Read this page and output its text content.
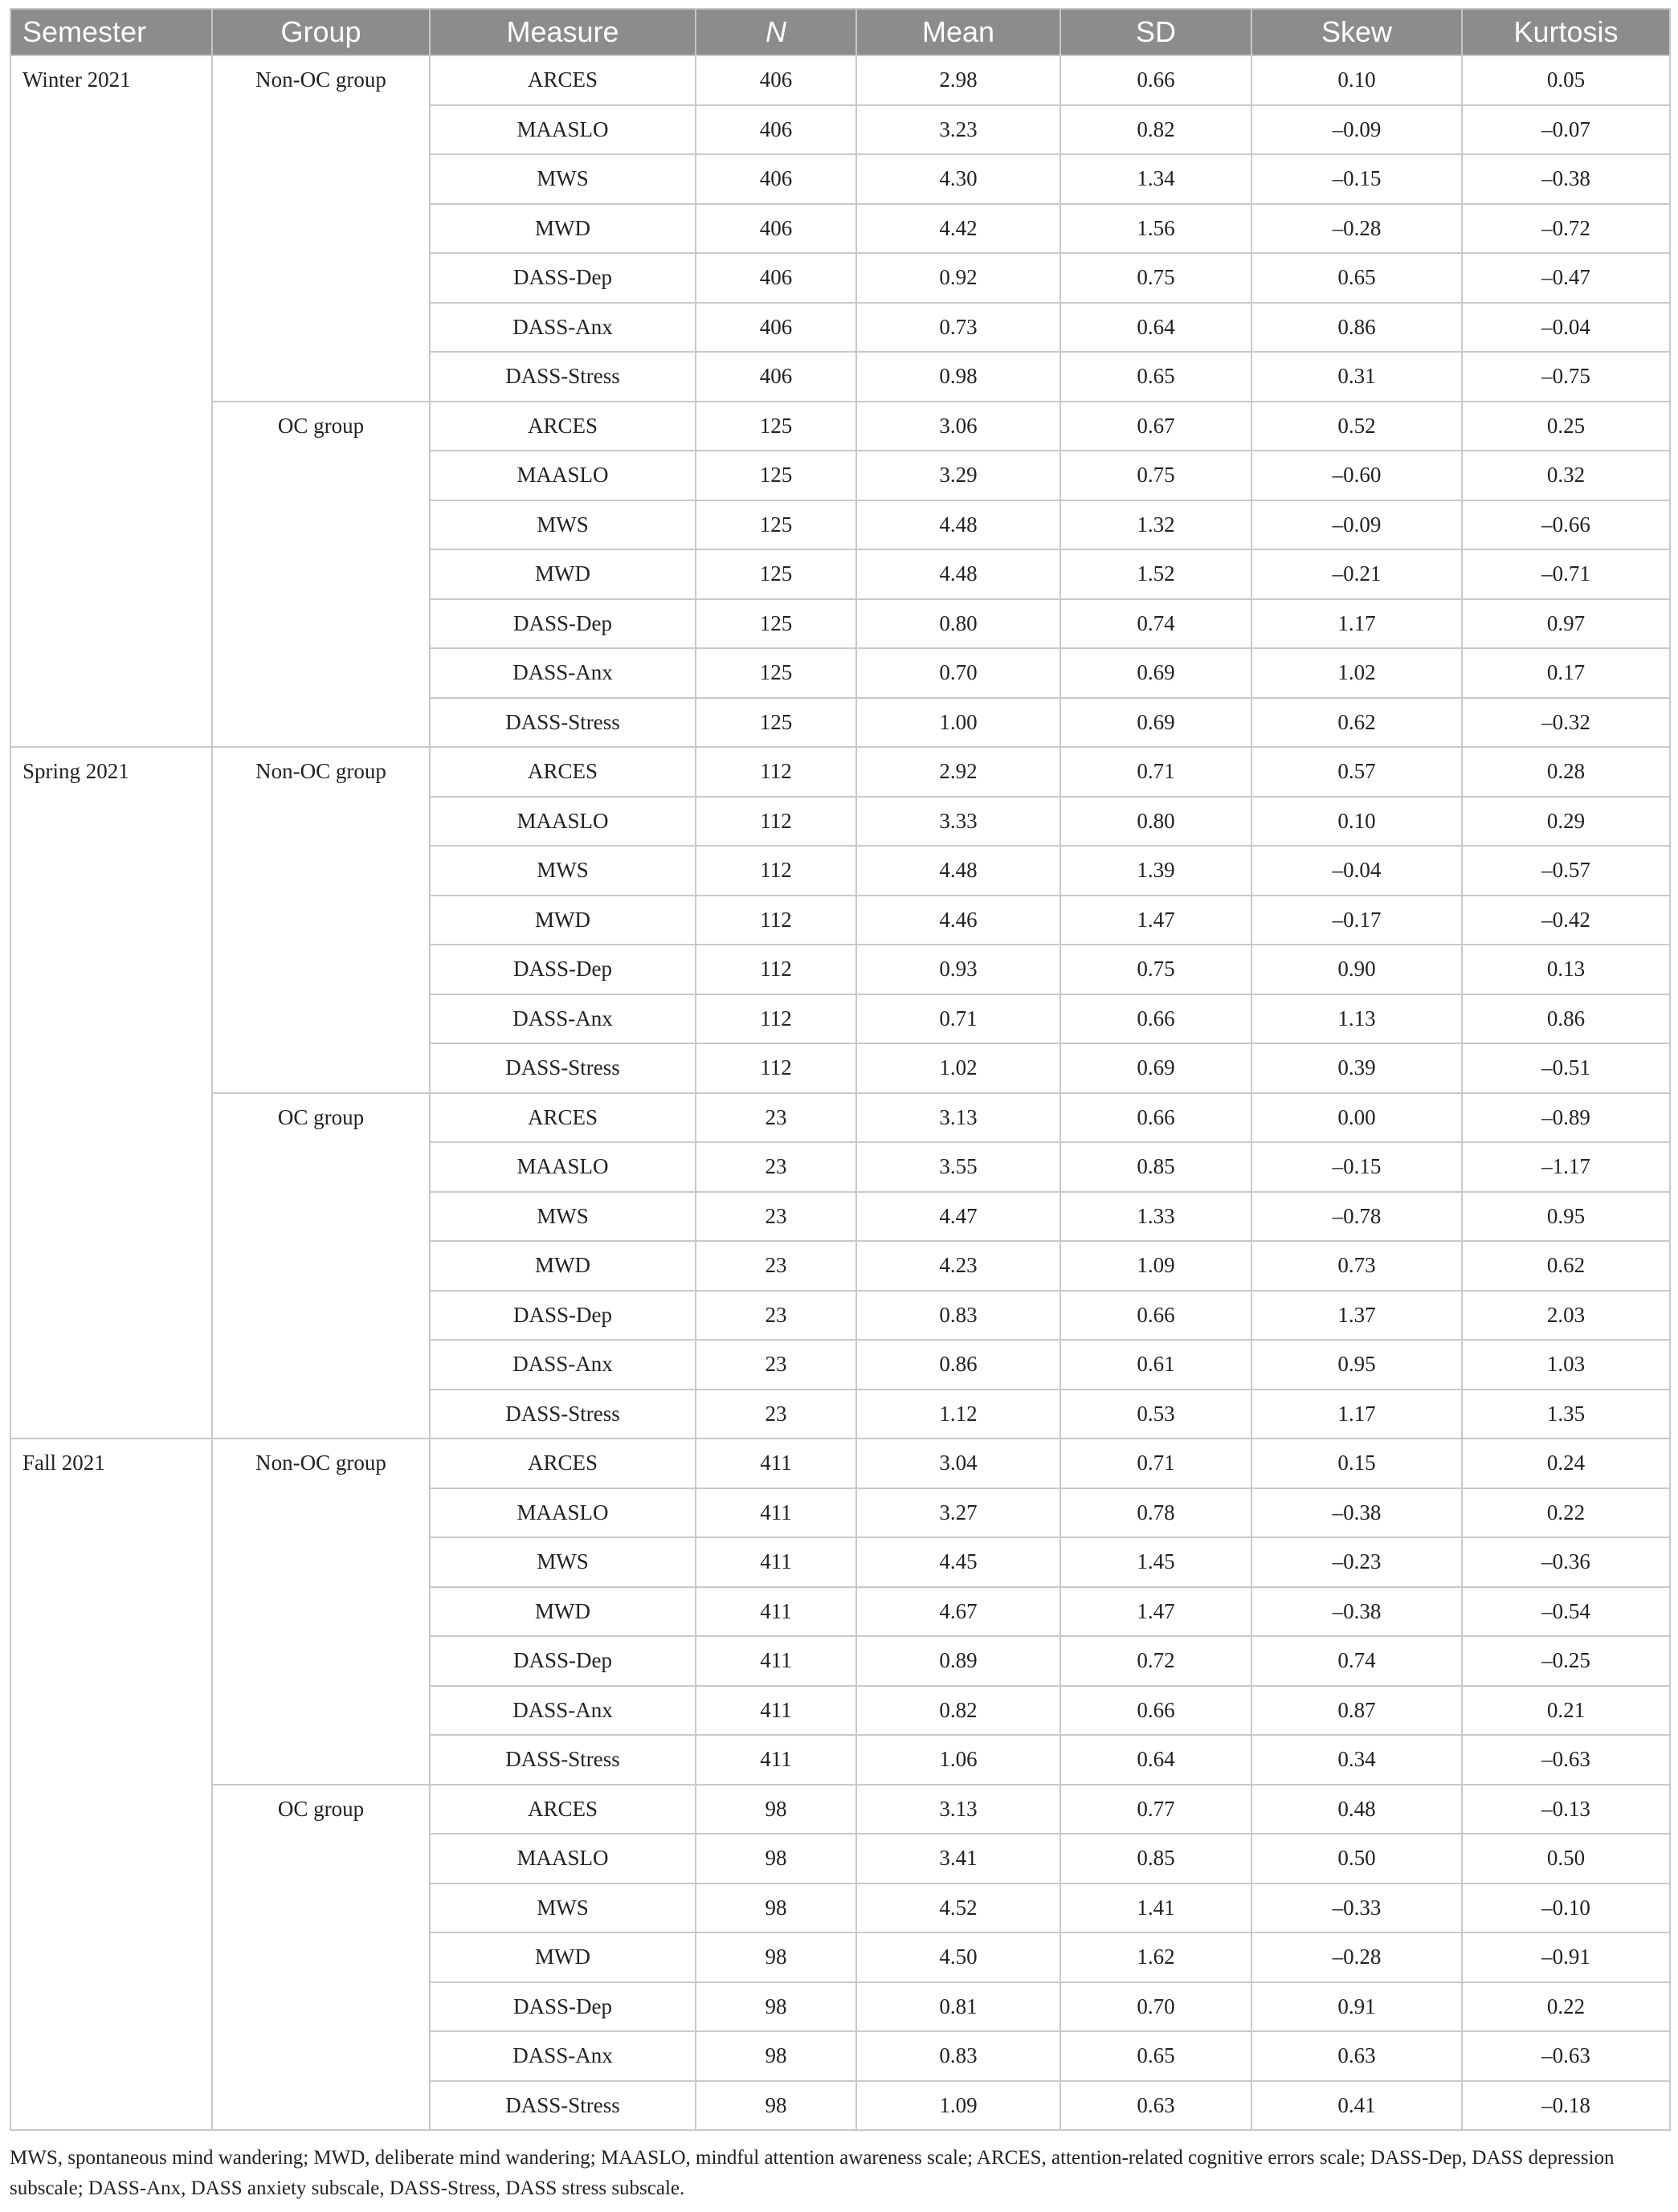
Semester	Group	Measure	N	Mean	SD	Skew	Kurtosis
Winter 2021	Non-OC group	ARCES	406	2.98	0.66	0.10	0.05
		MAASLO	406	3.23	0.82	–0.09	–0.07
		MWS	406	4.30	1.34	–0.15	–0.38
		MWD	406	4.42	1.56	–0.28	–0.72
		DASS-Dep	406	0.92	0.75	0.65	–0.47
		DASS-Anx	406	0.73	0.64	0.86	–0.04
		DASS-Stress	406	0.98	0.65	0.31	–0.75
	OC group	ARCES	125	3.06	0.67	0.52	0.25
		MAASLO	125	3.29	0.75	–0.60	0.32
		MWS	125	4.48	1.32	–0.09	–0.66
		MWD	125	4.48	1.52	–0.21	–0.71
		DASS-Dep	125	0.80	0.74	1.17	0.97
		DASS-Anx	125	0.70	0.69	1.02	0.17
		DASS-Stress	125	1.00	0.69	0.62	–0.32
Spring 2021	Non-OC group	ARCES	112	2.92	0.71	0.57	0.28
		MAASLO	112	3.33	0.80	0.10	0.29
		MWS	112	4.48	1.39	–0.04	–0.57
		MWD	112	4.46	1.47	–0.17	–0.42
		DASS-Dep	112	0.93	0.75	0.90	0.13
		DASS-Anx	112	0.71	0.66	1.13	0.86
		DASS-Stress	112	1.02	0.69	0.39	–0.51
	OC group	ARCES	23	3.13	0.66	0.00	–0.89
		MAASLO	23	3.55	0.85	–0.15	–1.17
		MWS	23	4.47	1.33	–0.78	0.95
		MWD	23	4.23	1.09	0.73	0.62
		DASS-Dep	23	0.83	0.66	1.37	2.03
		DASS-Anx	23	0.86	0.61	0.95	1.03
		DASS-Stress	23	1.12	0.53	1.17	1.35
Fall 2021	Non-OC group	ARCES	411	3.04	0.71	0.15	0.24
		MAASLO	411	3.27	0.78	–0.38	0.22
		MWS	411	4.45	1.45	–0.23	–0.36
		MWD	411	4.67	1.47	–0.38	–0.54
		DASS-Dep	411	0.89	0.72	0.74	–0.25
		DASS-Anx	411	0.82	0.66	0.87	0.21
		DASS-Stress	411	1.06	0.64	0.34	–0.63
	OC group	ARCES	98	3.13	0.77	0.48	–0.13
		MAASLO	98	3.41	0.85	0.50	0.50
		MWS	98	4.52	1.41	–0.33	–0.10
		MWD	98	4.50	1.62	–0.28	–0.91
		DASS-Dep	98	0.81	0.70	0.91	0.22
		DASS-Anx	98	0.83	0.65	0.63	–0.63
		DASS-Stress	98	1.09	0.63	0.41	–0.18
MWS, spontaneous mind wandering; MWD, deliberate mind wandering; MAASLO, mindful attention awareness scale; ARCES, attention-related cognitive errors scale; DASS-Dep, DASS depression subscale; DASS-Anx, DASS anxiety subscale, DASS-Stress, DASS stress subscale.
